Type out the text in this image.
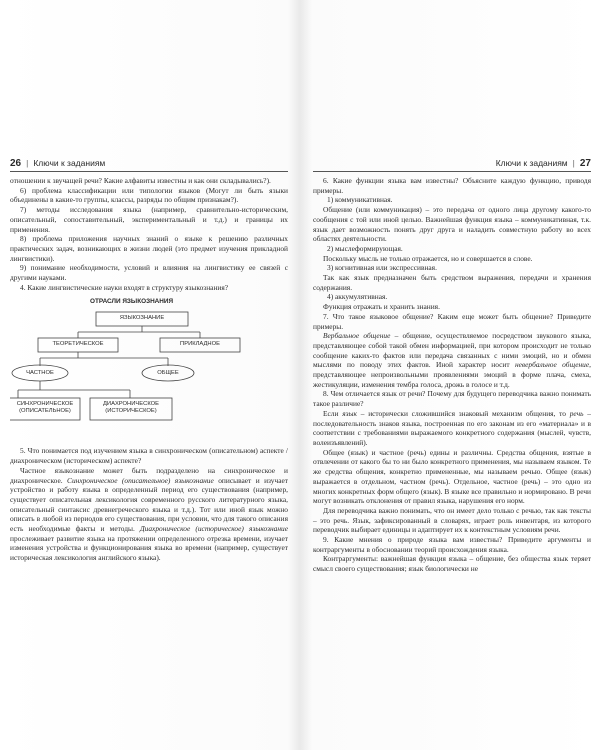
26 | Ключи к заданиям

отношении к звучащей речи? Какие алфавиты известны и как они складывались?).

6) проблема классификации или типологии языков (Могут ли быть языки объединены в какие-то группы, классы, разряды по общим признакам?).

7) методы исследования языка (например, сравнительно-историческим, описательный, сопоставительный, экспериментальный и т.д.) и границы их применения.

8) проблема приложения научных знаний о языке к решению различных практических задач, возникающих в жизни людей (это предмет изучения прикладной лингвистики).

9) понимание необходимости, условий и влияния на лингвистику ее связей с другими науками.

4. Какие лингвистические науки входят в структуру языкознания?

ОТРАСЛИ ЯЗЫКОЗНАНИЯ
ЯЗЫКОЗНАНИЕ
ТЕОРЕТИЧЕСКОЕ	ПРИКЛАДНОЕ
ЧАСТНОЕ	ОБЩЕЕ
СИНХРОНИЧЕСКОЕ
(ОПИСАТЕЛЬНОЕ)
ДИАХРОНИЧЕСКОЕ
(ИСТОРИЧЕСКОЕ)

5. Что понимается под изучением языка в синхроническом (описательном) аспекте / диахроническом (историческом) аспекте?

Частное языкознание может быть подразделено на синхроническое и диахроническое. Синхроническое (описательное) языкознание описывает и изучает устройство и работу языка в определенный период его существования (например, существует описательная лексикология современного русского литературного языка, описательный синтаксис древнегреческого языка и т.д.). Тот или иной язык можно описать в любой из периодов его существования, при условии, что для такого описания есть необходимые факты и методы. Диахроническое (историческое) языкознание прослеживает развитие языка на протяжении определенного отрезка времени, изучает изменения устройства и функционирования языка во времени (например, существует историческая лексикология английского языка).

Ключи к заданиям | 27

6. Какие функции языка вам известны? Объясните каждую функцию, приводя примеры.

1) коммуникативная.

Общение (или коммуникация) – это передача от одного лица другому какого-то сообщения с той или иной целью. Важнейшая функция языка – коммуникативная, т.к. язык дает возможность понять друг друга и наладить совместную работу во всех областях деятельности.

2) мыслеформирующая.

Поскольку мысль не только отражается, но и совершается в слове.

3) когнитивная или экспрессивная.

Так как язык предназначен быть средством выражения, передачи и хранения содержания.

4) аккумулятивная.

Функция отражать и хранить знания.

7. Что такое языковое общение? Каким еще может быть общение? Приведите примеры.

Вербальное общение – общение, осуществляемое посредством звукового языка, представляющее собой такой обмен информацией, при котором происходит не только сообщение каких-то фактов или передача связанных с ними эмоций, но и обмен мыслями по поводу этих фактов. Иной характер носит невербальное общение, представляющее непроизвольными проявлениями эмоций в форме плача, смеха, жестикуляции, изменения тембра голоса, дрожь в голосе и т.д.

8. Чем отличается язык от речи? Почему для будущего переводчика важно понимать такое различие?

Если язык – исторически сложившийся знаковый механизм общения, то речь – последовательность знаков языка, построенная по его законам из его «материала» и в соответствии с требованиями выражаемого конкретного содержания (мыслей, чувств, волеизъявлений).

Общее (язык) и частное (речь) едины и различны. Средства общения, взятые в отвлечении от какого бы то ни было конкретного применения, мы называем языком. Те же средства общения, конкретно примененные, мы называем речью. Общее (язык) выражается в отдельном, частном (речь). Отдельное, частное (речь) – это одно из многих конкретных форм общего (язык). В языке все правильно и нормировано. В речи могут возникать отклонения от правил языка, нарушения его норм.

Для переводчика важно понимать, что он имеет дело только с речью, так как тексты – это речь. Язык, зафиксированный в словарях, играет роль инвентаря, из которого переводчик выбирает единицы и адаптирует их к контекстным условиям речи.

9. Какие мнения о природе языка вам известны? Приведите аргументы и контраргументы в обосновании теорий происхождения языка.

Контраргументы: важнейшая функция языка – общение, без общества язык теряет смысл своего существования; язык биологически не
